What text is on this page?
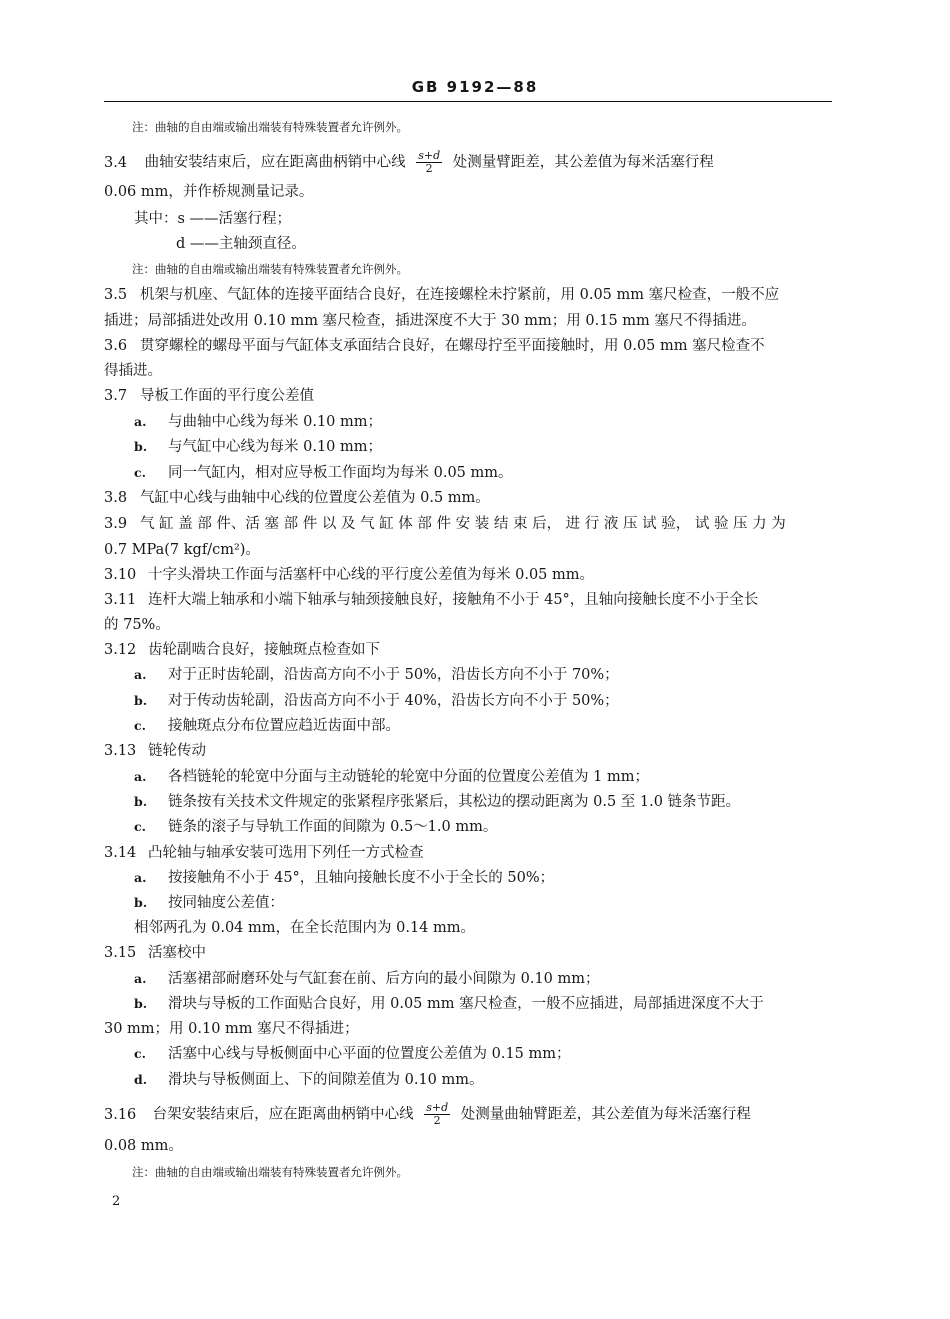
GB 9192—88
注：曲轴的自由端或输出端装有特殊装置者允许例外。
3.4 曲轴安装结束后，应在距离曲柄销中心线 $\frac{s+d}{2}$ 处测量臂距差，其公差值为每米活塞行程
0.06 mm，并作桥规测量记录。
其中：s ——活塞行程；
d ——主轴颈直径。
注：曲轴的自由端或输出端装有特殊装置者允许例外。
3.5 机架与机座、气缸体的连接平面结合良好，在连接螺栓未拧紧前，用 0.05 mm 塞尺检查，一般不应
插进；局部插进处改用 0.10 mm 塞尺检查，插进深度不大于 30 mm；用 0.15 mm 塞尺不得插进。
3.6 贯穿螺栓的螺母平面与气缸体支承面结合良好，在螺母拧至平面接触时，用 0.05 mm 塞尺检查不
得插进。
3.7 导板工作面的平行度公差值
a. 与曲轴中心线为每米 0.10 mm；
b. 与气缸中心线为每米 0.10 mm；
c. 同一气缸内，相对应导板工作面均为每米 0.05 mm。
3.8 气缸中心线与曲轴中心线的位置度公差值为 0.5 mm。
3.9 气 缸 盖 部 件、活 塞 部 件 以 及 气 缸 体 部 件 安 装 结 束 后， 进 行 液 压 试 验， 试 验 压 力 为
0.7 MPa(7 kgf/cm²)。
3.10 十字头滑块工作面与活塞杆中心线的平行度公差值为每米 0.05 mm。
3.11 连杆大端上轴承和小端下轴承与轴颈接触良好，接触角不小于 45°，且轴向接触长度不小于全长
的 75%。
3.12 齿轮副啮合良好，接触斑点检查如下
a. 对于正时齿轮副，沿齿高方向不小于 50%，沿齿长方向不小于 70%；
b. 对于传动齿轮副，沿齿高方向不小于 40%，沿齿长方向不小于 50%；
c. 接触斑点分布位置应趋近齿面中部。
3.13 链轮传动
a. 各档链轮的轮宽中分面与主动链轮的轮宽中分面的位置度公差值为 1 mm；
b. 链条按有关技术文件规定的张紧程序张紧后，其松边的摆动距离为 0.5 至 1.0 链条节距。
c. 链条的滚子与导轨工作面的间隙为 0.5～1.0 mm。
3.14 凸轮轴与轴承安装可选用下列任一方式检查
a. 按接触角不小于 45°，且轴向接触长度不小于全长的 50%；
b. 按同轴度公差值：
相邻两孔为 0.04 mm，在全长范围内为 0.14 mm。
3.15 活塞校中
a. 活塞裙部耐磨环处与气缸套在前、后方向的最小间隙为 0.10 mm；
b. 滑块与导板的工作面贴合良好，用 0.05 mm 塞尺检查，一般不应插进，局部插进深度不大于
30 mm；用 0.10 mm 塞尺不得插进；
c. 活塞中心线与导板侧面中心平面的位置度公差值为 0.15 mm；
d. 滑块与导板侧面上、下的间隙差值为 0.10 mm。
3.16 台架安装结束后，应在距离曲柄销中心线 $\frac{s+d}{2}$ 处测量曲轴臂距差，其公差值为每米活塞行程
0.08 mm。
注：曲轴的自由端或输出端装有特殊装置者允许例外。
2
